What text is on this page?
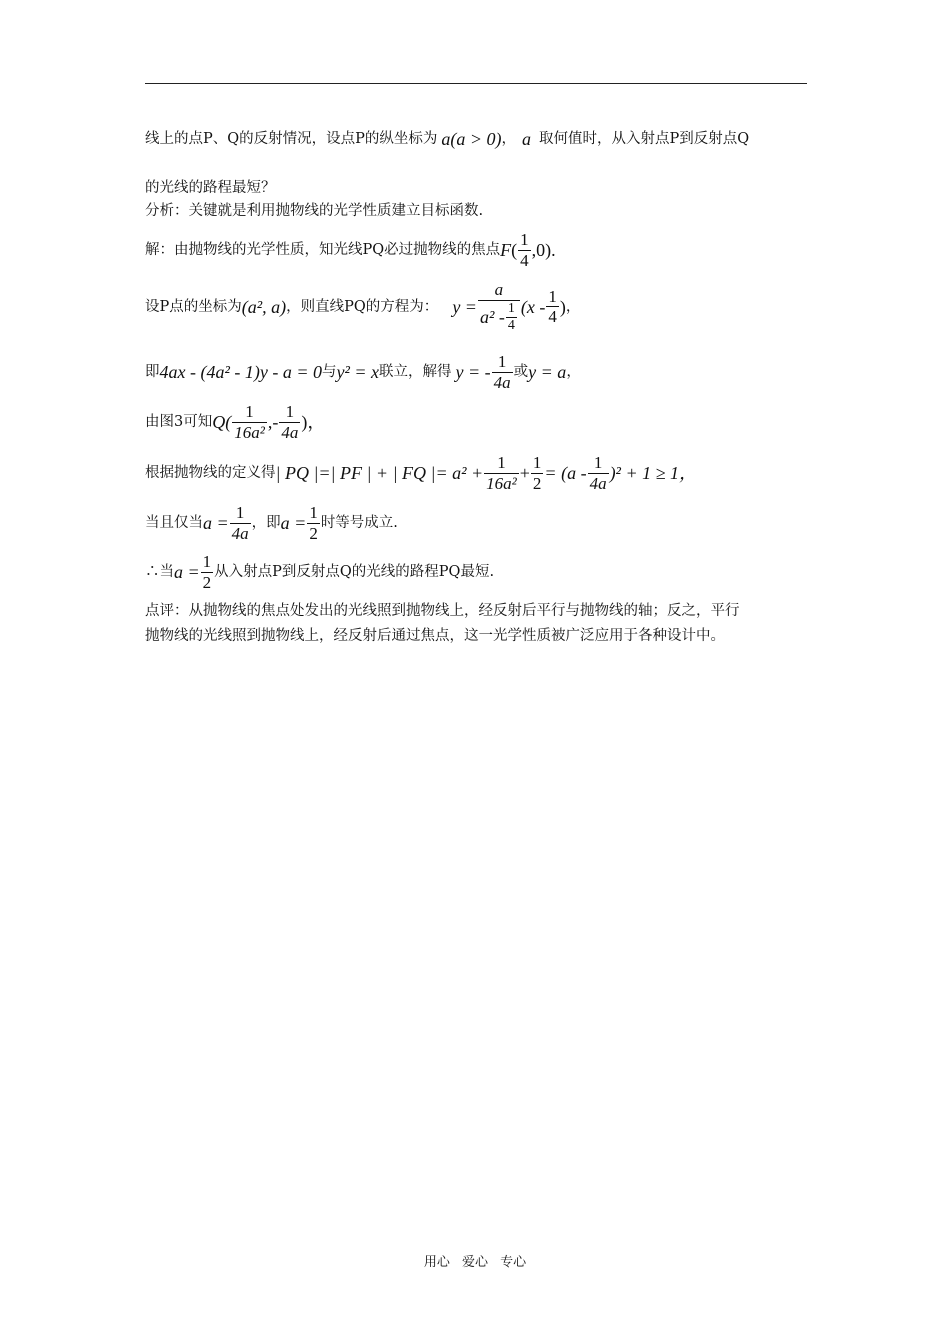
线上的点P、Q的反射情况，设点P的纵坐标为 a(a > 0) ， a 取何值时，从入射点P到反射点Q
的光线的路程最短？
分析：关键就是利用抛物线的光学性质建立目标函数.
解：由抛物线的光学性质，知光线PQ必过抛物线的焦点 F ( $\frac{1}{4} ,0$).
设P点的坐标为 (a², a) ，则直线PQ的方程为： $y = \frac{a}{a^2 - \frac{1}{4}} (x - \frac{1}{4}$ ) ，
即 4ax - (4a² - 1)y - a = 0 与 y² = x 联立，解得 y = - $\frac{1}{4a}$ 或 y = a ，
由图3可知 $Q( \frac{1}{\text{16a²}}$ ,- $\frac{1}{4a}$ )，
根据抛物线的定义得 | PQ |=| PF | + | FQ |= $a^2 + \frac{1}{\text{16a²}} + \frac{1}{2} = (a - \frac{1}{4a} )^2 + 1 \ge 1$，
当且仅当 $a = \frac{1}{4a}$ ，即 $a = \frac{1}{2}$ 时等号成立.
∴当 $a = \frac{1}{2}$ 从入射点P到反射点Q的光线的路程PQ最短.
点评：从抛物线的焦点处发出的光线照到抛物线上，经反射后平行与抛物线的轴；反之，平行
抛物线的光线照到抛物线上，经反射后通过焦点，这一光学性质被广泛应用于各种设计中。
用心 爱心 专心
